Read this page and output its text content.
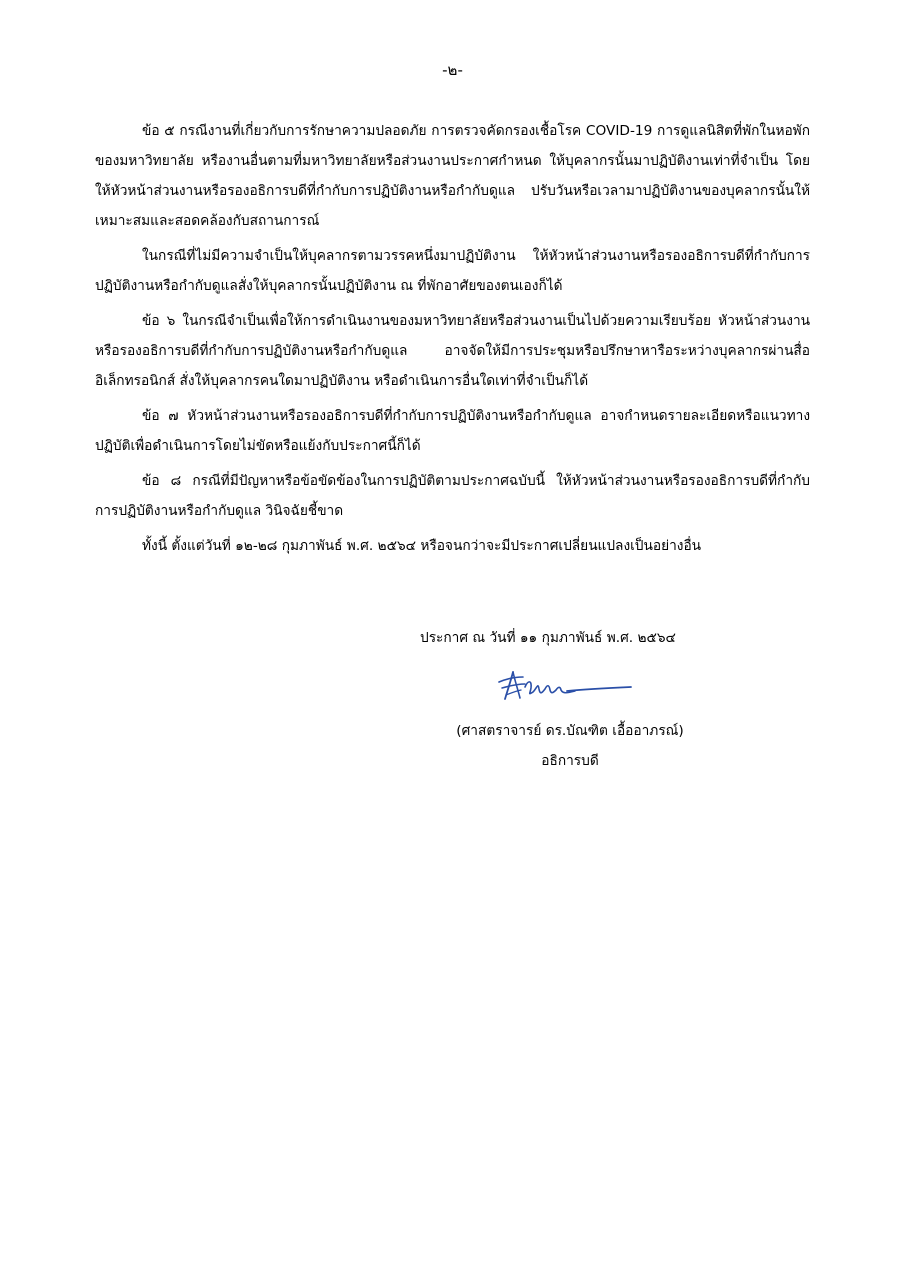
-๒-

ข้อ ๕ กรณีงานที่เกี่ยวกับการรักษาความปลอดภัย การตรวจคัดกรองเชื้อโรค COVID-19 การดูแลนิสิตที่พักในหอพักของมหาวิทยาลัย หรืองานอื่นตามที่มหาวิทยาลัยหรือส่วนงานประกาศกำหนด ให้บุคลากรนั้นมาปฏิบัติงานเท่าที่จำเป็น โดยให้หัวหน้าส่วนงานหรือรองอธิการบดีที่กำกับการปฏิบัติงานหรือกำกับดูแล ปรับวันหรือเวลามาปฏิบัติงานของบุคลากรนั้นให้เหมาะสมและสอดคล้องกับสถานการณ์

ในกรณีที่ไม่มีความจำเป็นให้บุคลากรตามวรรคหนึ่งมาปฏิบัติงาน ให้หัวหน้าส่วนงานหรือรองอธิการบดีที่กำกับการปฏิบัติงานหรือกำกับดูแลสั่งให้บุคลากรนั้นปฏิบัติงาน ณ ที่พักอาศัยของตนเองก็ได้

ข้อ ๖ ในกรณีจำเป็นเพื่อให้การดำเนินงานของมหาวิทยาลัยหรือส่วนงานเป็นไปด้วยความเรียบร้อย หัวหน้าส่วนงานหรือรองอธิการบดีที่กำกับการปฏิบัติงานหรือกำกับดูแล อาจจัดให้มีการประชุมหรือปรึกษาหารือระหว่างบุคลากรผ่านสื่ออิเล็กทรอนิกส์ สั่งให้บุคลากรคนใดมาปฏิบัติงาน หรือดำเนินการอื่นใดเท่าที่จำเป็นก็ได้

ข้อ ๗ หัวหน้าส่วนงานหรือรองอธิการบดีที่กำกับการปฏิบัติงานหรือกำกับดูแล อาจกำหนดรายละเอียดหรือแนวทางปฏิบัติเพื่อดำเนินการโดยไม่ขัดหรือแย้งกับประกาศนี้ก็ได้

ข้อ ๘ กรณีที่มีปัญหาหรือข้อขัดข้องในการปฏิบัติตามประกาศฉบับนี้ ให้หัวหน้าส่วนงานหรือรองอธิการบดีที่กำกับการปฏิบัติงานหรือกำกับดูแล วินิจฉัยชี้ขาด

ทั้งนี้ ตั้งแต่วันที่ ๑๒-๒๘ กุมภาพันธ์ พ.ศ. ๒๕๖๔ หรือจนกว่าจะมีประกาศเปลี่ยนแปลงเป็นอย่างอื่น

ประกาศ ณ วันที่ ๑๑ กุมภาพันธ์ พ.ศ. ๒๕๖๔
(ศาสตราจารย์ ดร.บัณฑิต เอื้ออาภรณ์)
อธิการบดี
